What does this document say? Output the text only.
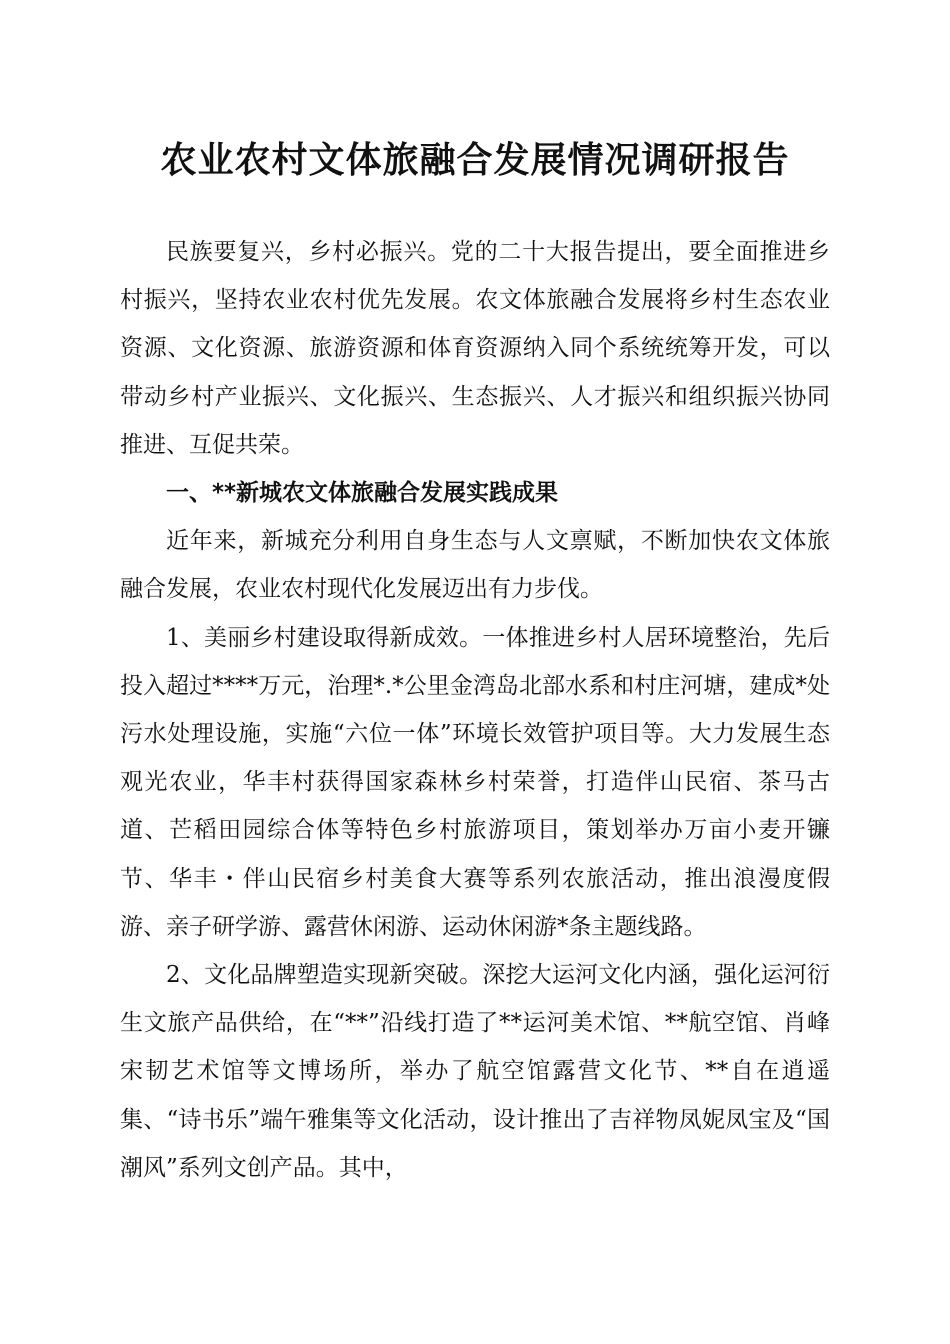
农业农村文体旅融合发展情况调研报告

民族要复兴，乡村必振兴。党的二十大报告提出，要全面推进乡村振兴，坚持农业农村优先发展。农文体旅融合发展将乡村生态农业资源、文化资源、旅游资源和体育资源纳入同个系统统筹开发，可以带动乡村产业振兴、文化振兴、生态振兴、人才振兴和组织振兴协同推进、互促共荣。

一、**新城农文体旅融合发展实践成果

近年来，新城充分利用自身生态与人文禀赋，不断加快农文体旅融合发展，农业农村现代化发展迈出有力步伐。

1、美丽乡村建设取得新成效。一体推进乡村人居环境整治，先后投入超过****万元，治理*.*公里金湾岛北部水系和村庄河塘，建成*处污水处理设施，实施“六位一体”环境长效管护项目等。大力发展生态观光农业，华丰村获得国家森林乡村荣誉，打造伴山民宿、茶马古道、芒稻田园综合体等特色乡村旅游项目，策划举办万亩小麦开镰节、华丰・伴山民宿乡村美食大赛等系列农旅活动，推出浪漫度假游、亲子研学游、露营休闲游、运动休闲游*条主题线路。

2、文化品牌塑造实现新突破。深挖大运河文化内涵，强化运河衍生文旅产品供给，在“**”沿线打造了**运河美术馆、**航空馆、肖峰宋韧艺术馆等文博场所，举办了航空馆露营文化节、**自在逍遥集、“诗书乐”端午雅集等文化活动，设计推出了吉祥物凤妮凤宝及“国潮风”系列文创产品。其中，
